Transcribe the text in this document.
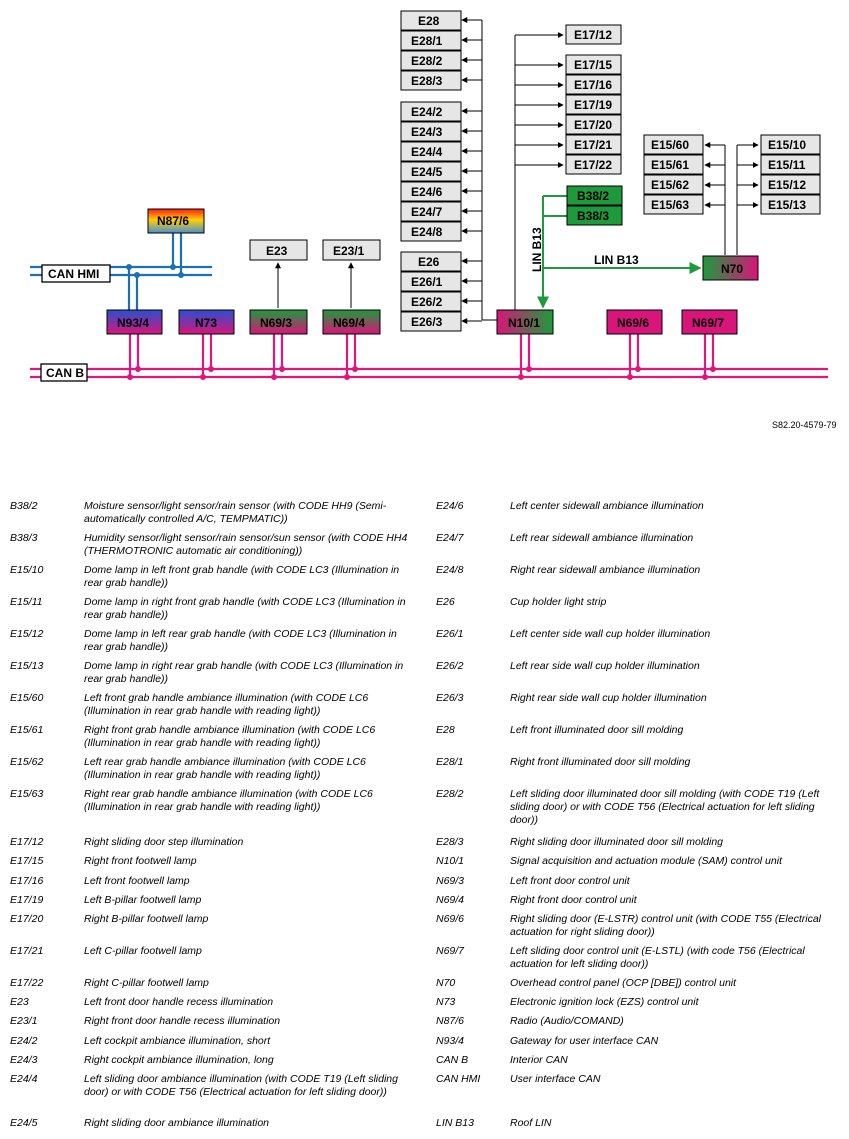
LIN B13	LIN B13
CAN HMI
CAN B
E28
E28/1
E28/2
E28/3
E24/2
E24/3
E24/4
E24/5
E24/6
E24/7
E24/8
E26
E26/1
E26/2
E26/3
E17/12
E17/15
E17/16
E17/19
E17/20
E17/21
E17/22
E15/60
E15/61
E15/62
E15/63
E15/10
E15/11
E15/12
E15/13
B38/2
B38/3
N87/6
E23	E23/1
N93/4	N73	N69/3	N69/4	N10/1	N69/6	N69/7
N70
S82.20-4579-79
B38/2	Moisture sensor/light sensor/rain sensor (with CODE HH9 (Semi-automatically controlled A/C, TEMPMATIC))
B38/3	Humidity sensor/light sensor/rain sensor/sun sensor (with CODE HH4 (THERMOTRONIC automatic air conditioning))
E15/10	Dome lamp in left front grab handle (with CODE LC3 (Illumination in rear grab handle))
E15/11	Dome lamp in right front grab handle (with CODE LC3 (Illumination in rear grab handle))
E15/12	Dome lamp in left rear grab handle (with CODE LC3 (Illumination in rear grab handle))
E15/13	Dome lamp in right rear grab handle (with CODE LC3 (Illumination in rear grab handle))
E15/60	Left front grab handle ambiance illumination (with CODE LC6 (Illumination in rear grab handle with reading light))
E15/61	Right front grab handle ambiance illumination (with CODE LC6 (Illumination in rear grab handle with reading light))
E15/62	Left rear grab handle ambiance illumination (with CODE LC6 (Illumination in rear grab handle with reading light))
E15/63	Right rear grab handle ambiance illumination (with CODE LC6 (Illumination in rear grab handle with reading light))
E17/12	Right sliding door step illumination
E17/15	Right front footwell lamp
E17/16	Left front footwell lamp
E17/19	Left B-pillar footwell lamp
E17/20	Right B-pillar footwell lamp
E17/21	Left C-pillar footwell lamp
E17/22	Right C-pillar footwell lamp
E23	Left front door handle recess illumination
E23/1	Right front door handle recess illumination
E24/2	Left cockpit ambiance illumination, short
E24/3	Right cockpit ambiance illumination, long
E24/4	Left sliding door ambiance illumination (with CODE T19 (Left sliding door) or with CODE T56 (Electrical actuation for left sliding door))
E24/5	Right sliding door ambiance illumination
E24/6	Left center sidewall ambiance illumination
E24/7	Left rear sidewall ambiance illumination
E24/8	Right rear sidewall ambiance illumination
E26	Cup holder light strip
E26/1	Left center side wall cup holder illumination
E26/2	Left rear side wall cup holder illumination
E26/3	Right rear side wall cup holder illumination
E28	Left front illuminated door sill molding
E28/1	Right front illuminated door sill molding
E28/2	Left sliding door illuminated door sill molding (with CODE T19 (Left sliding door) or with CODE T56 (Electrical actuation for left sliding door))
E28/3	Right sliding door illuminated door sill molding
N10/1	Signal acquisition and actuation module (SAM) control unit
N69/3	Left front door control unit
N69/4	Right front door control unit
N69/6	Right sliding door (E-LSTR) control unit (with CODE T55 (Electrical actuation for right sliding door))
N69/7	Left sliding door control unit (E-LSTL) (with code T56 (Electrical actuation for left sliding door))
N70	Overhead control panel (OCP [DBE]) control unit
N73	Electronic ignition lock (EZS) control unit
N87/6	Radio (Audio/COMAND)
N93/4	Gateway for user interface CAN
CAN B	Interior CAN
CAN HMI	User interface CAN
LIN B13	Roof LIN
